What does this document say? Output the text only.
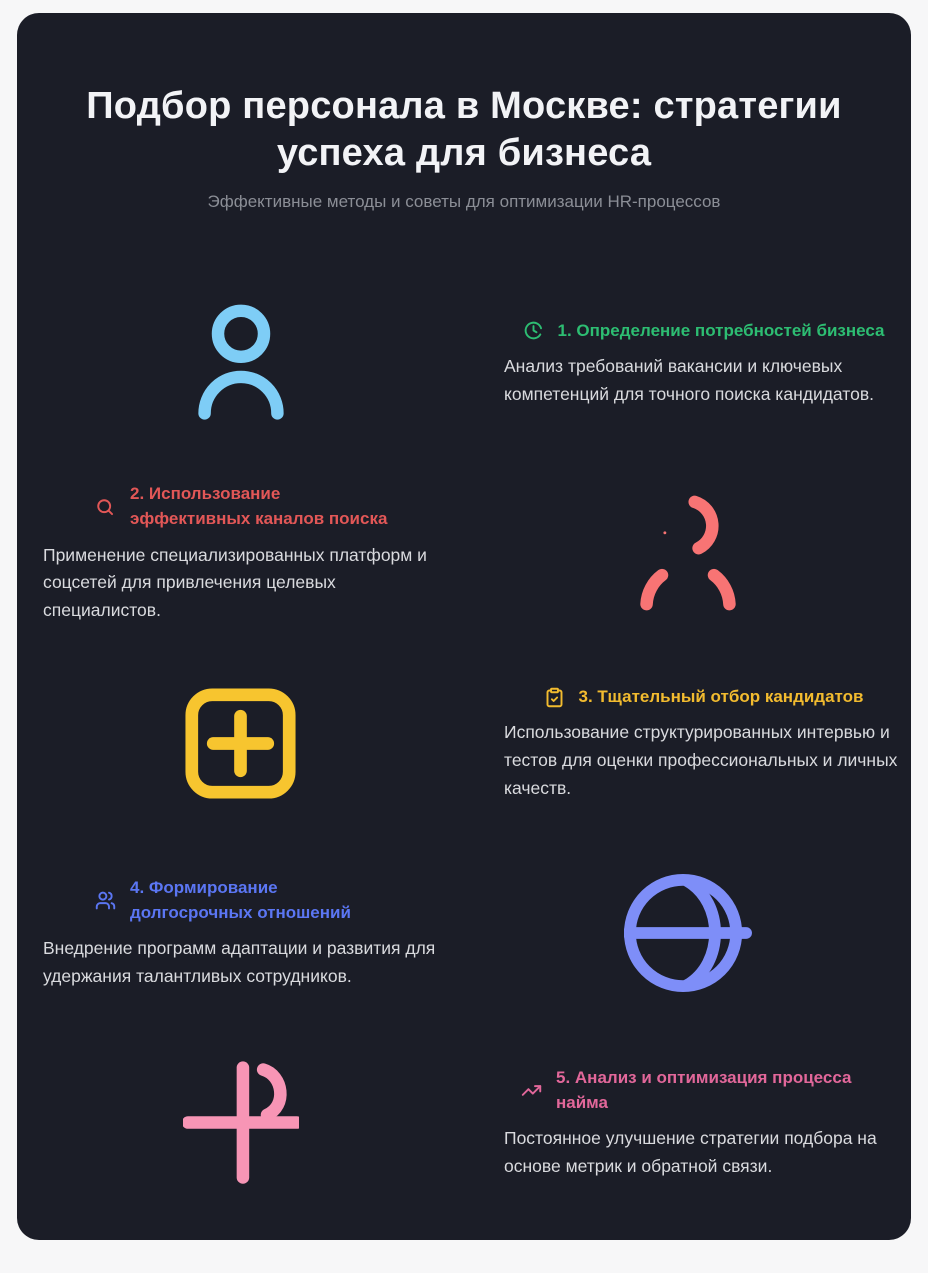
Подбор персонала в Москве: стратегии успеха для бизнеса
Эффективные методы и советы для оптимизации HR-процессов
1. Определение потребностей бизнеса
Анализ требований вакансии и ключевых компетенций для точного поиска кандидатов.
2. Использование эффективных каналов поиска
Применение специализированных платформ и соцсетей для привлечения целевых специалистов.
3. Тщательный отбор кандидатов
Использование структурированных интервью и тестов для оценки профессиональных и личных качеств.
4. Формирование долгосрочных отношений
Внедрение программ адаптации и развития для удержания талантливых сотрудников.
5. Анализ и оптимизация процесса найма
Постоянное улучшение стратегии подбора на основе метрик и обратной связи.
